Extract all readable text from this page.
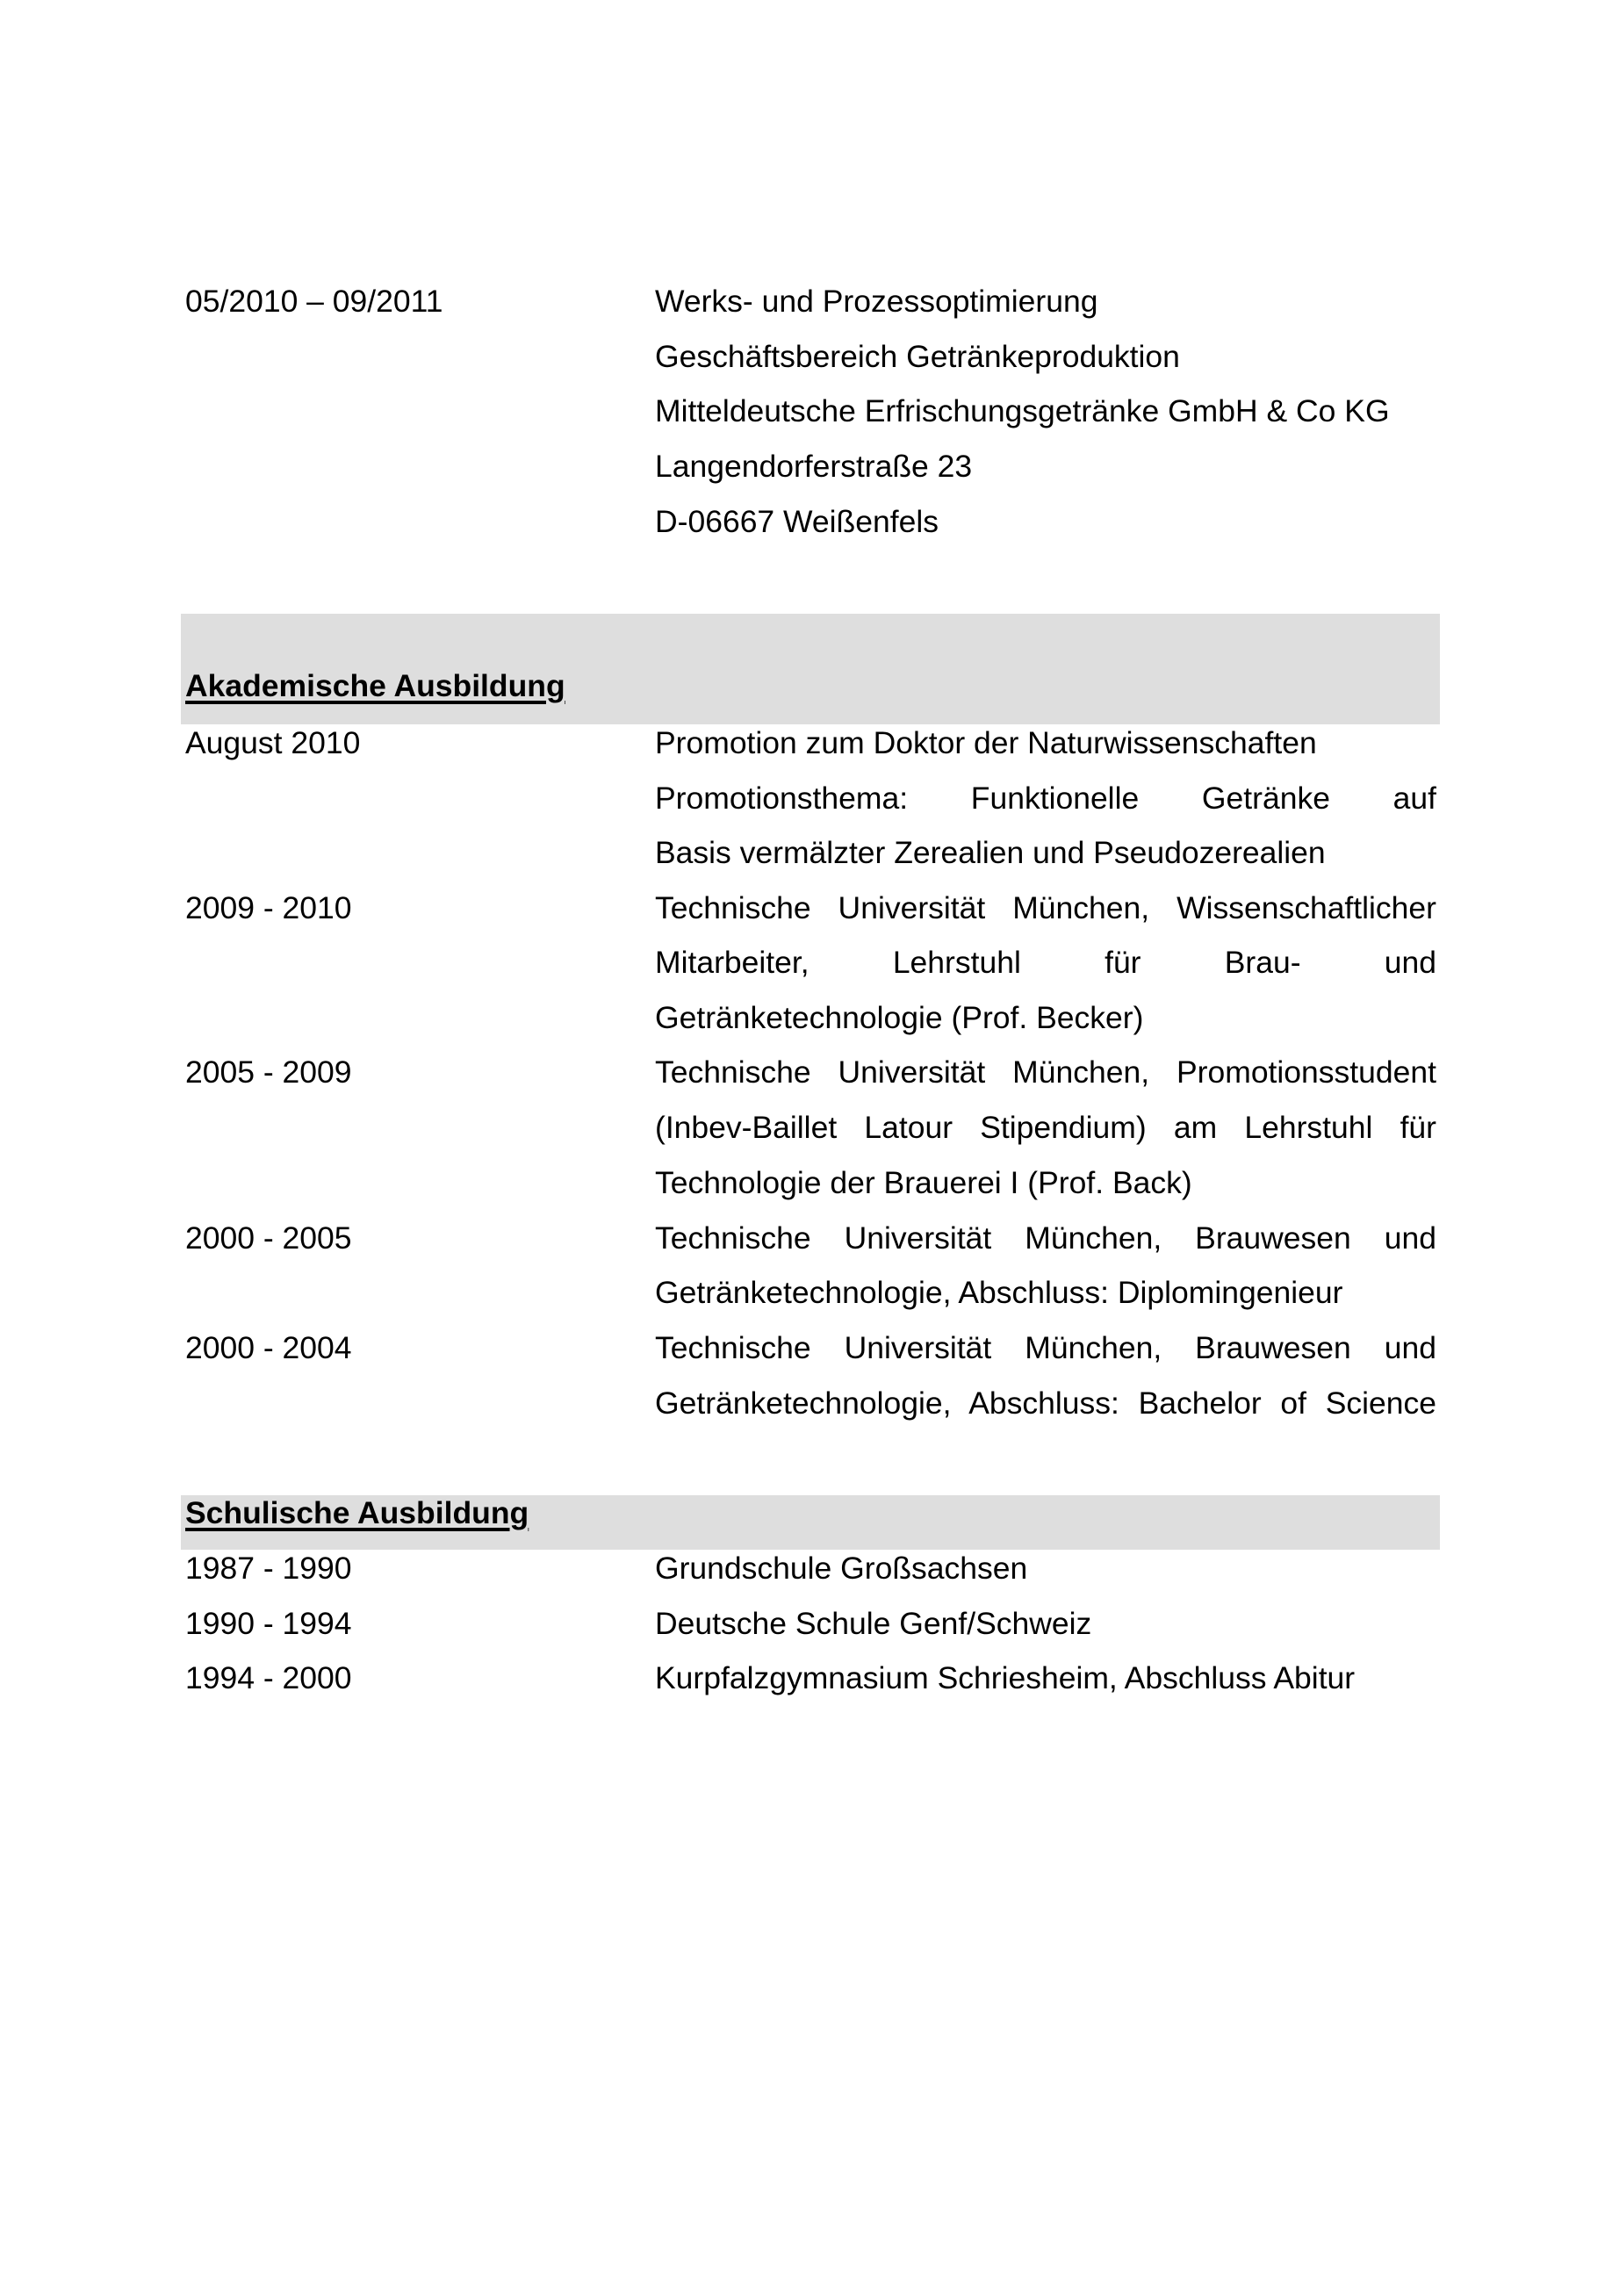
05/2010 – 09/2011	Werks- und Prozessoptimierung
Geschäftsbereich Getränkeproduktion
Mitteldeutsche Erfrischungsgetränke GmbH & Co KG
Langendorferstraße 23
D-06667 Weißenfels
Akademische Ausbildung
August 2010	Promotion zum Doktor der Naturwissenschaften
Promotionsthema: Funktionelle Getränke auf
Basis vermälzter Zerealien und Pseudozerealien
2009 - 2010	Technische Universität München, Wissenschaftlicher
Mitarbeiter, Lehrstuhl für Brau- und
Getränketechnologie (Prof. Becker)
2005 - 2009	Technische Universität München, Promotionsstudent
(Inbev-Baillet Latour Stipendium) am Lehrstuhl für
Technologie der Brauerei I (Prof. Back)
2000 - 2005	Technische Universität München, Brauwesen und
Getränketechnologie, Abschluss: Diplomingenieur
2000 - 2004	Technische Universität München, Brauwesen und
Getränketechnologie, Abschluss: Bachelor of Science
Schulische Ausbildung
1987 - 1990	Grundschule Großsachsen
1990 - 1994	Deutsche Schule Genf/Schweiz
1994 - 2000	Kurpfalzgymnasium Schriesheim, Abschluss Abitur
